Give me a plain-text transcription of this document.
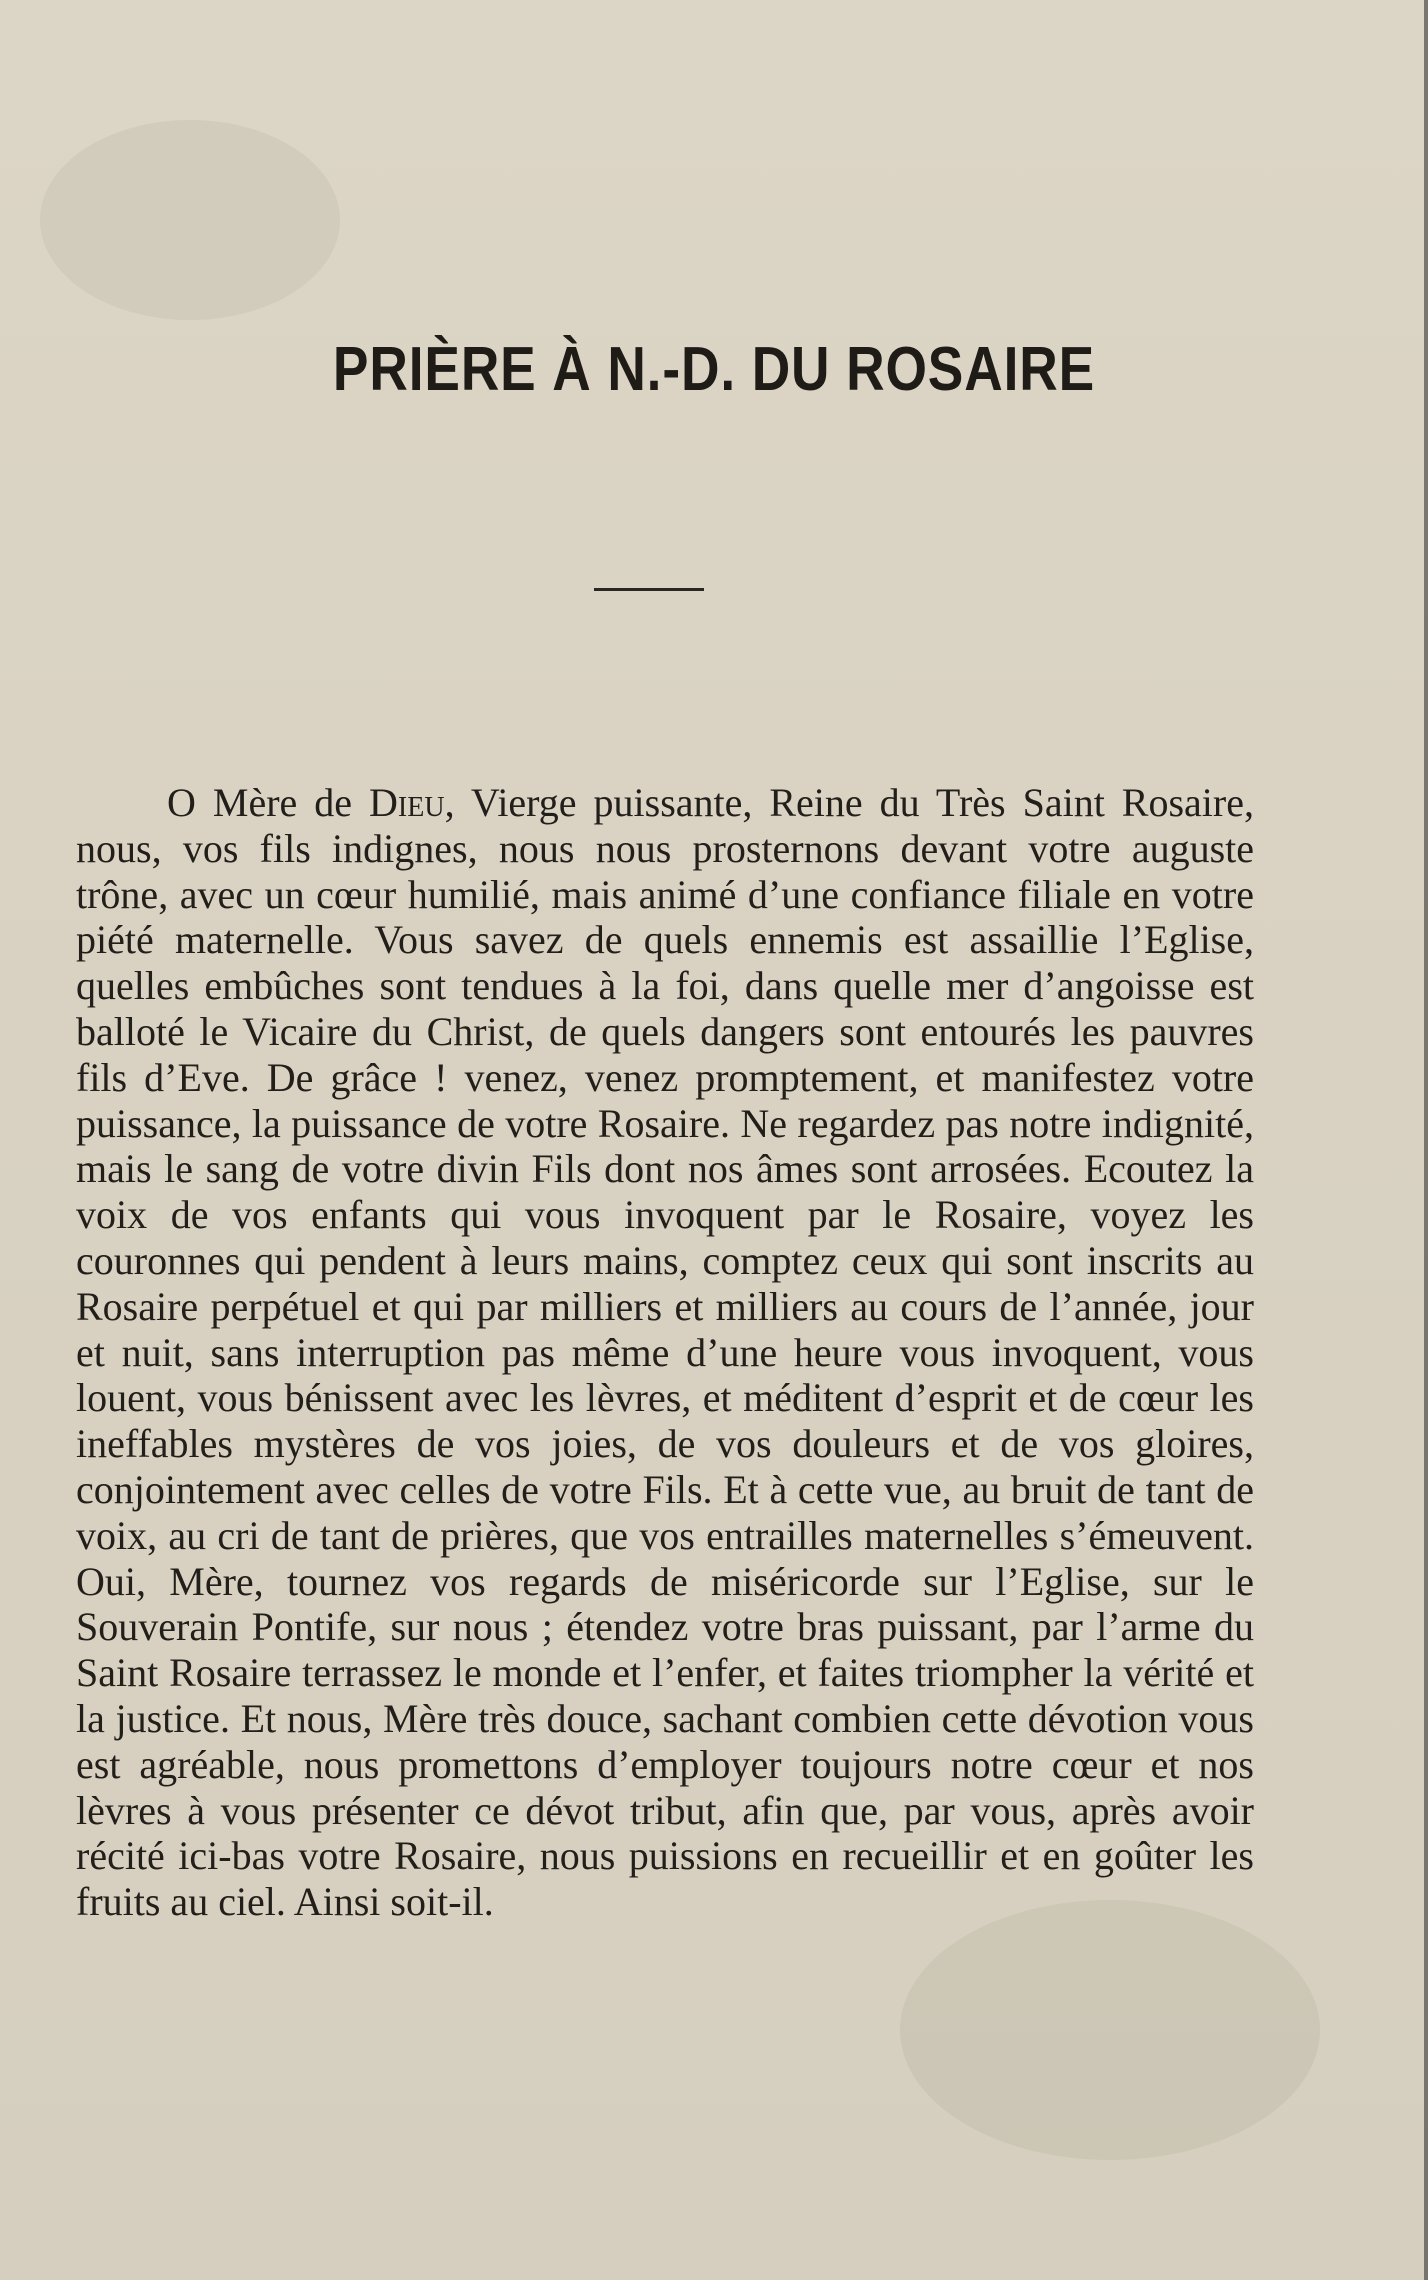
PRIÈRE À N.-D. DU ROSAIRE
O Mère de Dieu, Vierge puissante, Reine du Très Saint Rosaire, nous, vos fils indignes, nous nous prosternons devant votre auguste trône, avec un cœur humilié, mais animé d’une confiance filiale en votre piété maternelle. Vous savez de quels ennemis est assaillie l’Eglise, quelles embûches sont tendues à la foi, dans quelle mer d’angoisse est balloté le Vicaire du Christ, de quels dangers sont entourés les pauvres fils d’Eve. De grâce ! venez, venez promptement, et manifestez votre puissance, la puissance de votre Rosaire. Ne regardez pas notre indignité, mais le sang de votre divin Fils dont nos âmes sont arrosées. Ecoutez la voix de vos enfants qui vous invoquent par le Rosaire, voyez les couronnes qui pendent à leurs mains, comptez ceux qui sont inscrits au Rosaire perpétuel et qui par milliers et milliers au cours de l’année, jour et nuit, sans interruption pas même d’une heure vous invoquent, vous louent, vous bénissent avec les lèvres, et méditent d’esprit et de cœur les ineffables mystères de vos joies, de vos douleurs et de vos gloires, conjointement avec celles de votre Fils. Et à cette vue, au bruit de tant de voix, au cri de tant de prières, que vos entrailles maternelles s’émeuvent. Oui, Mère, tournez vos regards de miséricorde sur l’Eglise, sur le Souverain Pontife, sur nous ; étendez votre bras puissant, par l’arme du Saint Rosaire terrassez le monde et l’enfer, et faites triompher la vérité et la justice. Et nous, Mère très douce, sachant combien cette dévotion vous est agréable, nous promettons d’employer toujours notre cœur et nos lèvres à vous présenter ce dévot tribut, afin que, par vous, après avoir récité ici-bas votre Rosaire, nous puissions en recueillir et en goûter les fruits au ciel. Ainsi soit-il.
